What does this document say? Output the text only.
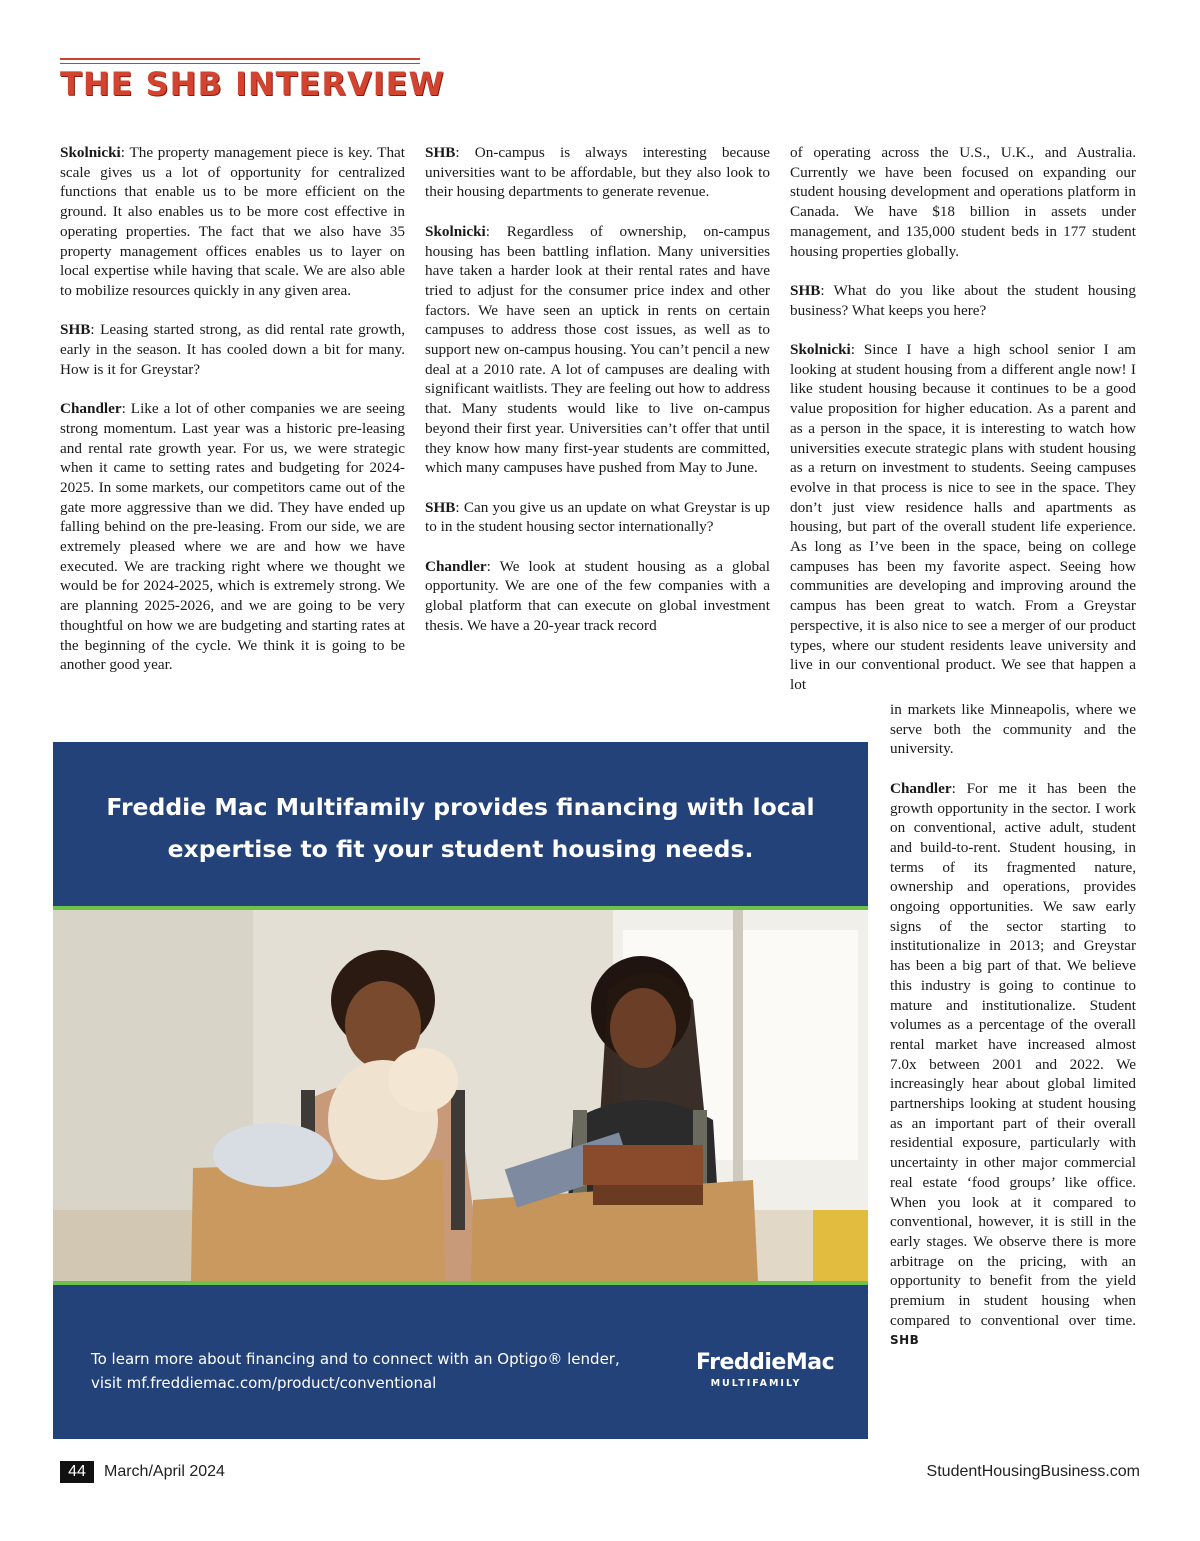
THE SHB INTERVIEW

Skolnicki: The property management piece is key. That scale gives us a lot of opportunity for centralized functions that enable us to be more efficient on the ground. It also enables us to be more cost effective in operating properties. The fact that we also have 35 property management offices enables us to layer on local expertise while having that scale. We are also able to mobilize resources quickly in any given area.

SHB: Leasing started strong, as did rental rate growth, early in the season. It has cooled down a bit for many. How is it for Greystar?

Chandler: Like a lot of other companies we are seeing strong momentum. Last year was a historic pre-leasing and rental rate growth year. For us, we were strategic when it came to setting rates and budgeting for 2024-2025. In some markets, our competitors came out of the gate more aggressive than we did. They have ended up falling behind on the pre-leasing. From our side, we are extremely pleased where we are and how we have executed. We are tracking right where we thought we would be for 2024-2025, which is extremely strong. We are planning 2025-2026, and we are going to be very thoughtful on how we are budgeting and starting rates at the beginning of the cycle. We think it is going to be another good year.

SHB: On-campus is always interesting because universities want to be affordable, but they also look to their housing departments to generate revenue.

Skolnicki: Regardless of ownership, on-campus housing has been battling inflation. Many universities have taken a harder look at their rental rates and have tried to adjust for the consumer price index and other factors. We have seen an uptick in rents on certain campuses to address those cost issues, as well as to support new on-campus housing. You can’t pencil a new deal at a 2010 rate. A lot of campuses are dealing with significant waitlists. They are feeling out how to address that. Many students would like to live on-campus beyond their first year. Universities can’t offer that until they know how many first-year students are committed, which many campuses have pushed from May to June.

SHB: Can you give us an update on what Greystar is up to in the student housing sector internationally?

Chandler: We look at student housing as a global opportunity. We are one of the few companies with a global platform that can execute on global investment thesis. We have a 20-year track record

of operating across the U.S., U.K., and Australia. Currently we have been focused on expanding our student housing development and operations platform in Canada. We have $18 billion in assets under management, and 135,000 student beds in 177 student housing properties globally.

SHB: What do you like about the student housing business? What keeps you here?

Skolnicki: Since I have a high school senior I am looking at student housing from a different angle now! I like student housing because it continues to be a good value proposition for higher education. As a parent and as a person in the space, it is interesting to watch how universities execute strategic plans with student housing as a return on investment to students. Seeing campuses evolve in that process is nice to see in the space. They don’t just view residence halls and apartments as housing, but part of the overall student life experience. As long as I’ve been in the space, being on college campuses has been my favorite aspect. Seeing how communities are developing and improving around the campus has been great to watch. From a Greystar perspective, it is also nice to see a merger of our product types, where our student residents leave university and live in our conventional product. We see that happen a lot

in markets like Minneapolis, where we serve both the community and the university.

Chandler: For me it has been the growth opportunity in the sector. I work on conventional, active adult, student and build-to-rent. Student housing, in terms of its fragmented nature, ownership and operations, provides ongoing opportunities. We saw early signs of the sector starting to institutionalize in 2013; and Greystar has been a big part of that. We believe this industry is going to continue to mature and institutionalize. Student volumes as a percentage of the overall rental market have increased almost 7.0x between 2001 and 2022. We increasingly hear about global limited partnerships looking at student housing as an important part of their overall residential exposure, particularly with uncertainty in other major commercial real estate ‘food groups’ like office. When you look at it compared to conventional, however, it is still in the early stages. We observe there is more arbitrage on the pricing, with an opportunity to benefit from the yield premium in student housing when compared to conventional over time. SHB

Freddie Mac Multifamily provides financing with local
expertise to fit your student housing needs.
To learn more about financing and to connect with an Optigo® lender,
visit mf.freddiemac.com/product/conventional
FreddieMac
MULTIFAMILY
44	March/April 2024	StudentHousingBusiness.com
